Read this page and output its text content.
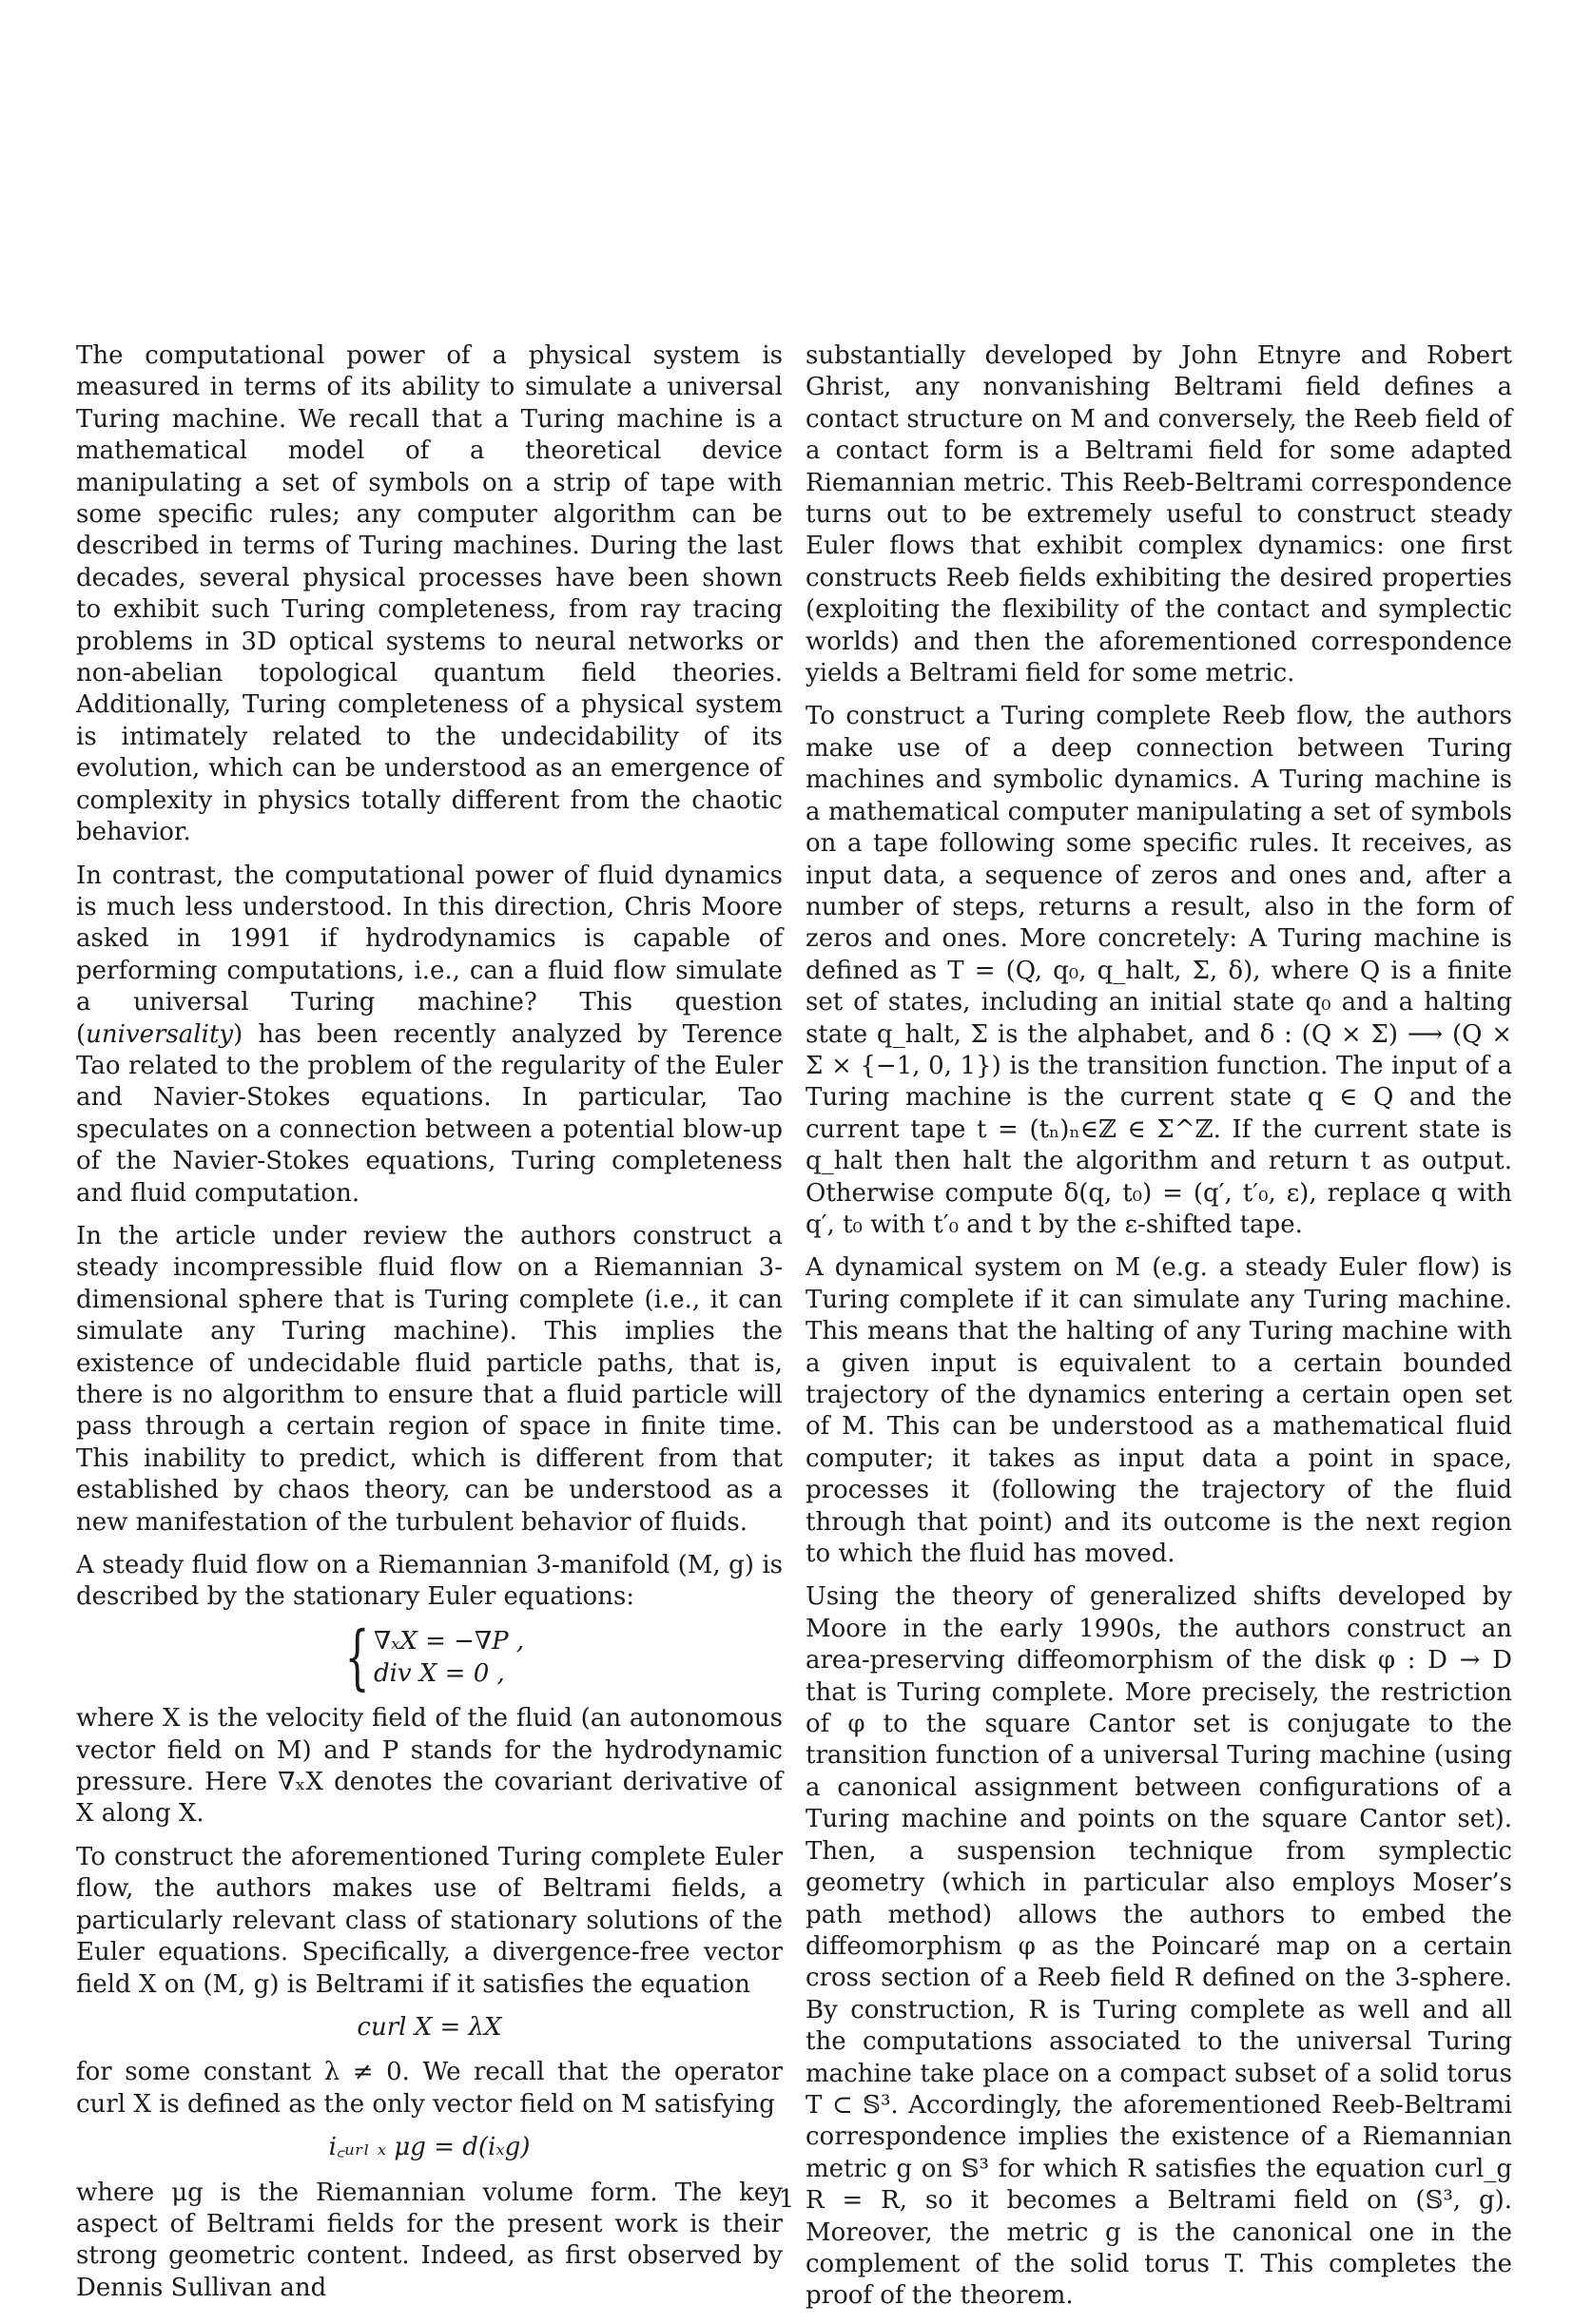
The computational power of a physical system is measured in terms of its ability to simulate a universal Turing machine. We recall that a Turing machine is a mathematical model of a theoretical device manipulating a set of symbols on a strip of tape with some specific rules; any computer algorithm can be described in terms of Turing machines. During the last decades, several physical processes have been shown to exhibit such Turing completeness, from ray tracing problems in 3D optical systems to neural networks or non-abelian topological quantum field theories. Additionally, Turing completeness of a physical system is intimately related to the undecidability of its evolution, which can be understood as an emergence of complexity in physics totally different from the chaotic behavior.

In contrast, the computational power of fluid dynamics is much less understood. In this direction, Chris Moore asked in 1991 if hydrodynamics is capable of performing computations, i.e., can a fluid flow simulate a universal Turing machine? This question (universality) has been recently analyzed by Terence Tao related to the problem of the regularity of the Euler and Navier-Stokes equations. In particular, Tao speculates on a connection between a potential blow-up of the Navier-Stokes equations, Turing completeness and fluid computation.

In the article under review the authors construct a steady incompressible fluid flow on a Riemannian 3-dimensional sphere that is Turing complete (i.e., it can simulate any Turing machine). This implies the existence of undecidable fluid particle paths, that is, there is no algorithm to ensure that a fluid particle will pass through a certain region of space in finite time. This inability to predict, which is different from that established by chaos theory, can be understood as a new manifestation of the turbulent behavior of fluids.

A steady fluid flow on a Riemannian 3-manifold (M, g) is described by the stationary Euler equations:

{ ∇ₓX = −∇P ,
div X = 0 ,

where X is the velocity field of the fluid (an autonomous vector field on M) and P stands for the hydrodynamic pressure. Here ∇ₓX denotes the covariant derivative of X along X.

To construct the aforementioned Turing complete Euler flow, the authors makes use of Beltrami fields, a particularly relevant class of stationary solutions of the Euler equations. Specifically, a divergence-free vector field X on (M, g) is Beltrami if it satisfies the equation

curl X = λX

for some constant λ ≠ 0. We recall that the operator curl X is defined as the only vector field on M satisfying

i꜀ᵤᵣₗ ₓ μg = d(iₓg)

where μg is the Riemannian volume form. The key aspect of Beltrami fields for the present work is their strong geometric content. Indeed, as first observed by Dennis Sullivan and

substantially developed by John Etnyre and Robert Ghrist, any nonvanishing Beltrami field defines a contact structure on M and conversely, the Reeb field of a contact form is a Beltrami field for some adapted Riemannian metric. This Reeb-Beltrami correspondence turns out to be extremely useful to construct steady Euler flows that exhibit complex dynamics: one first constructs Reeb fields exhibiting the desired properties (exploiting the flexibility of the contact and symplectic worlds) and then the aforementioned correspondence yields a Beltrami field for some metric.

To construct a Turing complete Reeb flow, the authors make use of a deep connection between Turing machines and symbolic dynamics. A Turing machine is a mathematical computer manipulating a set of symbols on a tape following some specific rules. It receives, as input data, a sequence of zeros and ones and, after a number of steps, returns a result, also in the form of zeros and ones. More concretely: A Turing machine is defined as T = (Q, q₀, q_halt, Σ, δ), where Q is a finite set of states, including an initial state q₀ and a halting state q_halt, Σ is the alphabet, and δ : (Q × Σ) ⟶ (Q × Σ × {−1, 0, 1}) is the transition function. The input of a Turing machine is the current state q ∈ Q and the current tape t = (tₙ)ₙ∈ℤ ∈ Σ^ℤ. If the current state is q_halt then halt the algorithm and return t as output. Otherwise compute δ(q, t₀) = (q′, t′₀, ε), replace q with q′, t₀ with t′₀ and t by the ε-shifted tape.

A dynamical system on M (e.g. a steady Euler flow) is Turing complete if it can simulate any Turing machine. This means that the halting of any Turing machine with a given input is equivalent to a certain bounded trajectory of the dynamics entering a certain open set of M. This can be understood as a mathematical fluid computer; it takes as input data a point in space, processes it (following the trajectory of the fluid through that point) and its outcome is the next region to which the fluid has moved.

Using the theory of generalized shifts developed by Moore in the early 1990s, the authors construct an area-preserving diffeomorphism of the disk φ : D → D that is Turing complete. More precisely, the restriction of φ to the square Cantor set is conjugate to the transition function of a universal Turing machine (using a canonical assignment between configurations of a Turing machine and points on the square Cantor set). Then, a suspension technique from symplectic geometry (which in particular also employs Moser’s path method) allows the authors to embed the diffeomorphism φ as the Poincaré map on a certain cross section of a Reeb field R defined on the 3-sphere. By construction, R is Turing complete as well and all the computations associated to the universal Turing machine take place on a compact subset of a solid torus T ⊂ 𝕊³. Accordingly, the aforementioned Reeb-Beltrami correspondence implies the existence of a Riemannian metric g on 𝕊³ for which R satisfies the equation curl_g R = R, so it becomes a Beltrami field on (𝕊³, g). Moreover, the metric g is the canonical one in the complement of the solid torus T. This completes the proof of the theorem.

1
